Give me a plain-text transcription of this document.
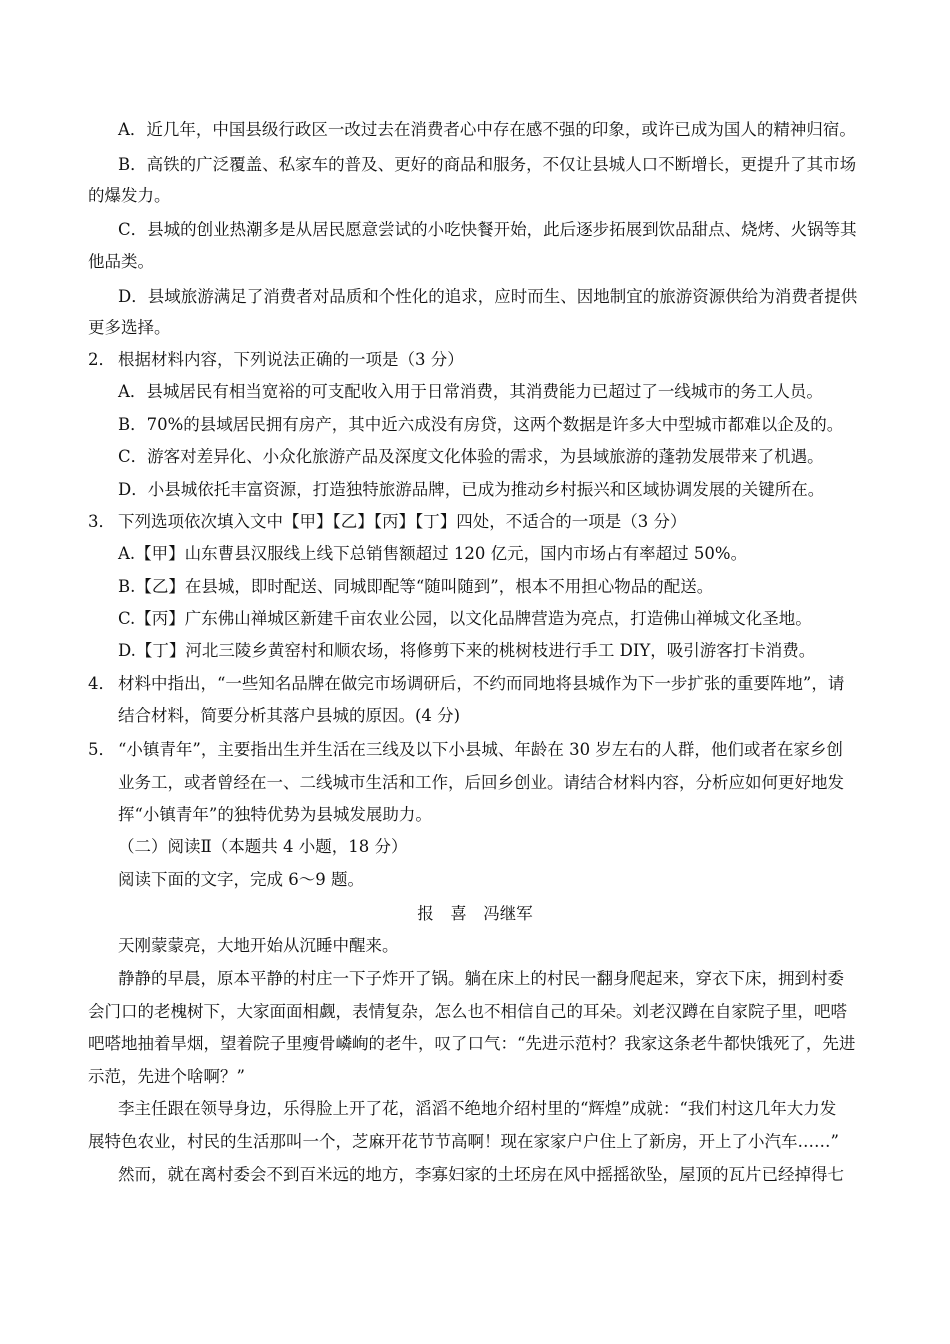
A．近几年，中国县级行政区一改过去在消费者心中存在感不强的印象，或许已成为国人的精神归宿。
B．高铁的广泛覆盖、私家车的普及、更好的商品和服务，不仅让县城人口不断增长，更提升了其市场
的爆发力。
C．县城的创业热潮多是从居民愿意尝试的小吃快餐开始，此后逐步拓展到饮品甜点、烧烤、火锅等其
他品类。
D．县域旅游满足了消费者对品质和个性化的追求，应时而生、因地制宜的旅游资源供给为消费者提供
更多选择。
2． 根据材料内容，下列说法正确的一项是（3 分）
A．县城居民有相当宽裕的可支配收入用于日常消费，其消费能力已超过了一线城市的务工人员。
B．70%的县域居民拥有房产，其中近六成没有房贷，这两个数据是许多大中型城市都难以企及的。
C．游客对差异化、小众化旅游产品及深度文化体验的需求，为县域旅游的蓬勃发展带来了机遇。
D．小县城依托丰富资源，打造独特旅游品牌，已成为推动乡村振兴和区域协调发展的关键所在。
3． 下列选项依次填入文中【甲】【乙】【丙】【丁】四处，不适合的一项是（3 分）
A.【甲】山东曹县汉服线上线下总销售额超过 120 亿元，国内市场占有率超过 50%。
B.【乙】在县城，即时配送、同城即配等“随叫随到”，根本不用担心物品的配送。
C.【丙】广东佛山禅城区新建千亩农业公园，以文化品牌营造为亮点，打造佛山禅城文化圣地。
D.【丁】河北三陵乡黄窑村和顺农场，将修剪下来的桃树枝进行手工 DIY，吸引游客打卡消费。
4． 材料中指出，“一些知名品牌在做完市场调研后，不约而同地将县城作为下一步扩张的重要阵地”，请
结合材料，简要分析其落户县城的原因。(4 分)
5． “小镇青年”，主要指出生并生活在三线及以下小县城、年龄在 30 岁左右的人群，他们或者在家乡创
业务工，或者曾经在一、二线城市生活和工作，后回乡创业。请结合材料内容，分析应如何更好地发
挥“小镇青年”的独特优势为县城发展助力。
（二）阅读Ⅱ（本题共 4 小题，18 分）
阅读下面的文字，完成 6～9 题。
报　喜　冯继军
天刚蒙蒙亮，大地开始从沉睡中醒来。
静静的早晨，原本平静的村庄一下子炸开了锅。躺在床上的村民一翻身爬起来，穿衣下床，拥到村委
会门口的老槐树下，大家面面相觑，表情复杂，怎么也不相信自己的耳朵。刘老汉蹲在自家院子里，吧嗒
吧嗒地抽着旱烟，望着院子里瘦骨嶙峋的老牛，叹了口气：“先进示范村？我家这条老牛都快饿死了，先进
示范，先进个啥啊？”
李主任跟在领导身边，乐得脸上开了花，滔滔不绝地介绍村里的“辉煌”成就：“我们村这几年大力发
展特色农业，村民的生活那叫一个，芝麻开花节节高啊！现在家家户户住上了新房，开上了小汽车……”
然而，就在离村委会不到百米远的地方，李寡妇家的土坯房在风中摇摇欲坠，屋顶的瓦片已经掉得七
